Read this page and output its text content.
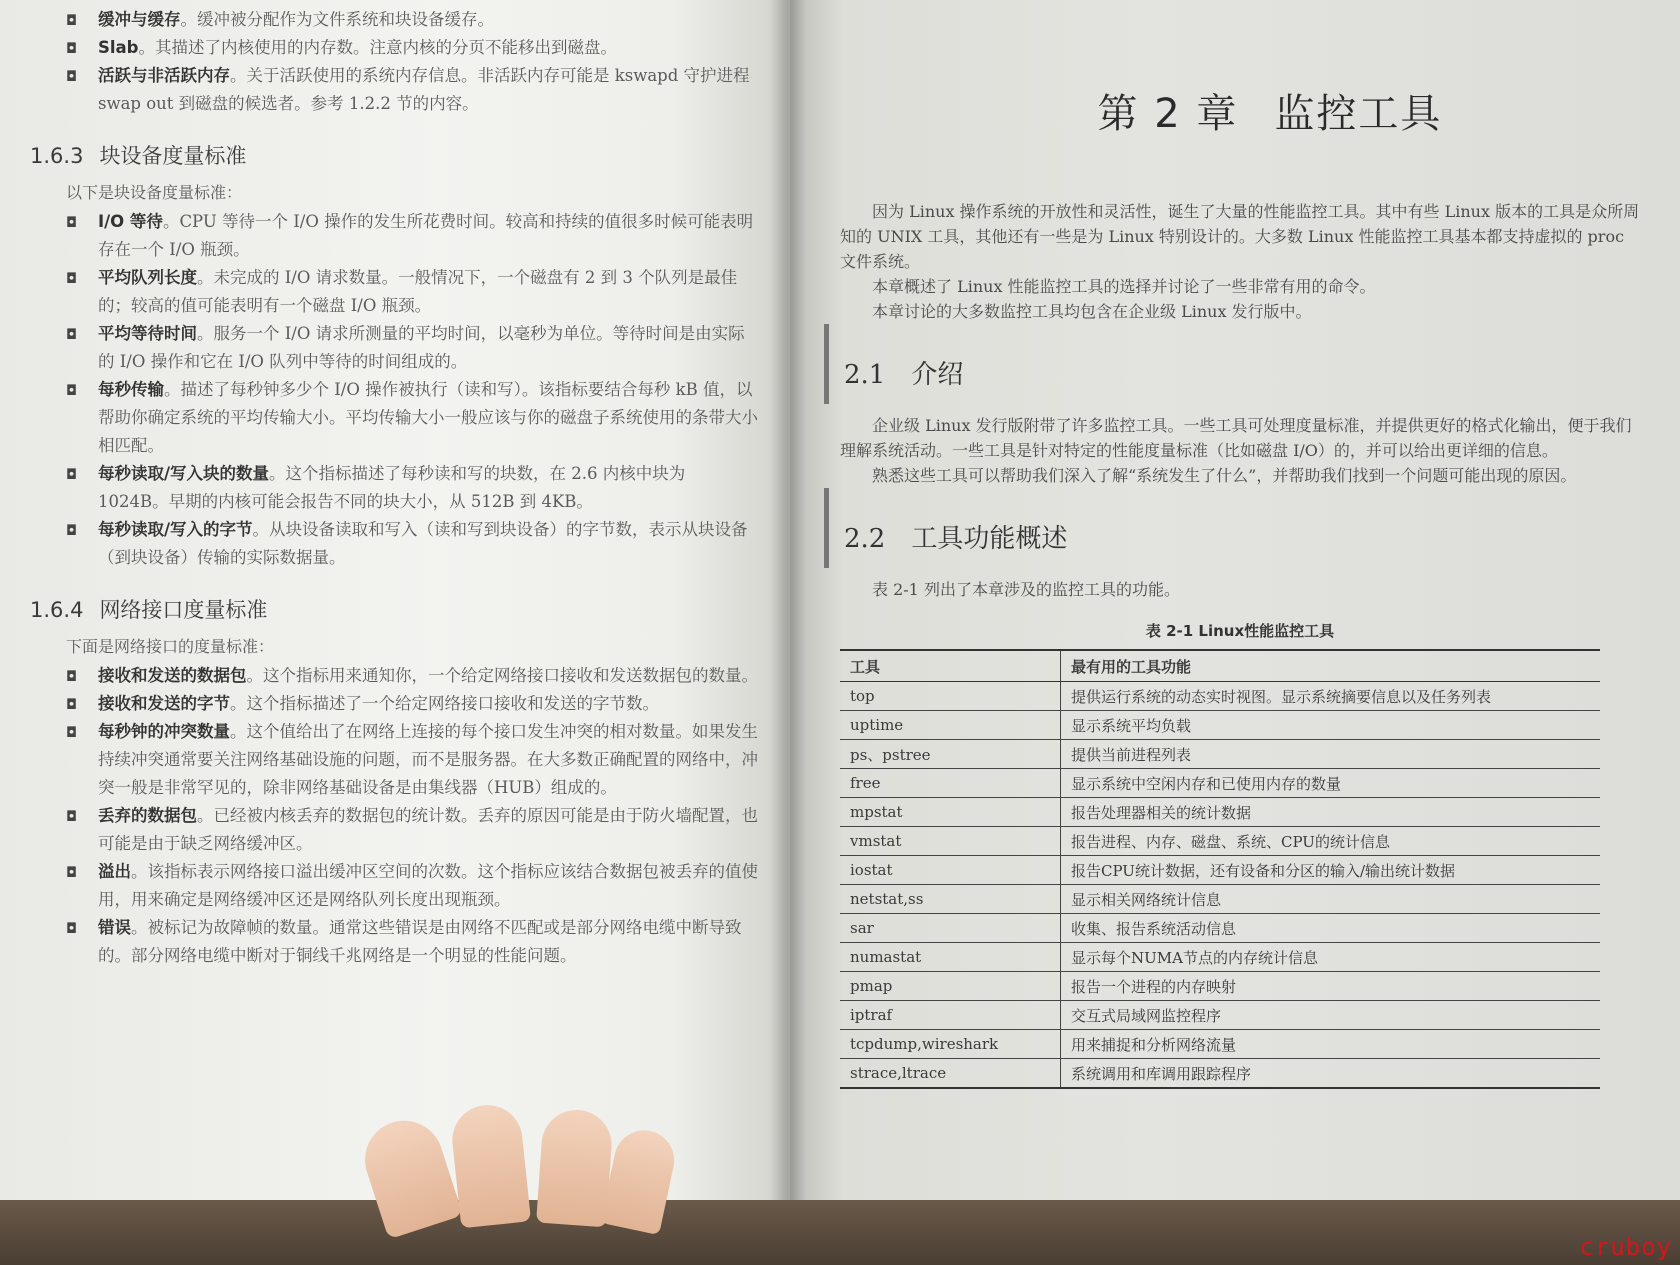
◘ 缓冲与缓存。缓冲被分配作为文件系统和块设备缓存。
◘ Slab。其描述了内核使用的内存数。注意内核的分页不能移出到磁盘。
◘ 活跃与非活跃内存。关于活跃使用的系统内存信息。非活跃内存可能是 kswapd 守护进程 swap out 到磁盘的候选者。参考 1.2.2 节的内容。
1.6.3 块设备度量标准
以下是块设备度量标准：
◘ I/O 等待。CPU 等待一个 I/O 操作的发生所花费时间。较高和持续的值很多时候可能表明存在一个 I/O 瓶颈。
◘ 平均队列长度。未完成的 I/O 请求数量。一般情况下，一个磁盘有 2 到 3 个队列是最佳的；较高的值可能表明有一个磁盘 I/O 瓶颈。
◘ 平均等待时间。服务一个 I/O 请求所测量的平均时间，以毫秒为单位。等待时间是由实际的 I/O 操作和它在 I/O 队列中等待的时间组成的。
◘ 每秒传输。描述了每秒钟多少个 I/O 操作被执行（读和写）。该指标要结合每秒 kB 值，以帮助你确定系统的平均传输大小。平均传输大小一般应该与你的磁盘子系统使用的条带大小相匹配。
◘ 每秒读取/写入块的数量。这个指标描述了每秒读和写的块数，在 2.6 内核中块为 1024B。早期的内核可能会报告不同的块大小，从 512B 到 4KB。
◘ 每秒读取/写入的字节。从块设备读取和写入（读和写到块设备）的字节数，表示从块设备（到块设备）传输的实际数据量。
1.6.4 网络接口度量标准
下面是网络接口的度量标准：
◘ 接收和发送的数据包。这个指标用来通知你，一个给定网络接口接收和发送数据包的数量。
◘ 接收和发送的字节。这个指标描述了一个给定网络接口接收和发送的字节数。
◘ 每秒钟的冲突数量。这个值给出了在网络上连接的每个接口发生冲突的相对数量。如果发生持续冲突通常要关注网络基础设施的问题，而不是服务器。在大多数正确配置的网络中，冲突一般是非常罕见的，除非网络基础设备是由集线器（HUB）组成的。
◘ 丢弃的数据包。已经被内核丢弃的数据包的统计数。丢弃的原因可能是由于防火墙配置，也可能是由于缺乏网络缓冲区。
◘ 溢出。该指标表示网络接口溢出缓冲区空间的次数。这个指标应该结合数据包被丢弃的值使用，用来确定是网络缓冲区还是网络队列长度出现瓶颈。
◘ 错误。被标记为故障帧的数量。通常这些错误是由网络不匹配或是部分网络电缆中断导致的。部分网络电缆中断对于铜线千兆网络是一个明显的性能问题。
第 2 章 监控工具

因为 Linux 操作系统的开放性和灵活性，诞生了大量的性能监控工具。其中有些 Linux 版本的工具是众所周知的 UNIX 工具，其他还有一些是为 Linux 特别设计的。大多数 Linux 性能监控工具基本都支持虚拟的 proc 文件系统。

本章概述了 Linux 性能监控工具的选择并讨论了一些非常有用的命令。

本章讨论的大多数监控工具均包含在企业级 Linux 发行版中。

2.1 介绍

企业级 Linux 发行版附带了许多监控工具。一些工具可处理度量标准，并提供更好的格式化输出，便于我们理解系统活动。一些工具是针对特定的性能度量标准（比如磁盘 I/O）的，并可以给出更详细的信息。

熟悉这些工具可以帮助我们深入了解“系统发生了什么”，并帮助我们找到一个问题可能出现的原因。

2.2 工具功能概述

表 2-1 列出了本章涉及的监控工具的功能。

表 2-1 Linux性能监控工具
工具	最有用的工具功能
top	提供运行系统的动态实时视图。显示系统摘要信息以及任务列表
uptime	显示系统平均负载
ps、pstree	提供当前进程列表
free	显示系统中空闲内存和已使用内存的数量
mpstat	报告处理器相关的统计数据
vmstat	报告进程、内存、磁盘、系统、CPU的统计信息
iostat	报告CPU统计数据，还有设备和分区的输入/输出统计数据
netstat,ss	显示相关网络统计信息
sar	收集、报告系统活动信息
numastat	显示每个NUMA节点的内存统计信息
pmap	报告一个进程的内存映射
iptraf	交互式局域网监控程序
tcpdump,wireshark	用来捕捉和分析网络流量
strace,ltrace	系统调用和库调用跟踪程序
cruboy
